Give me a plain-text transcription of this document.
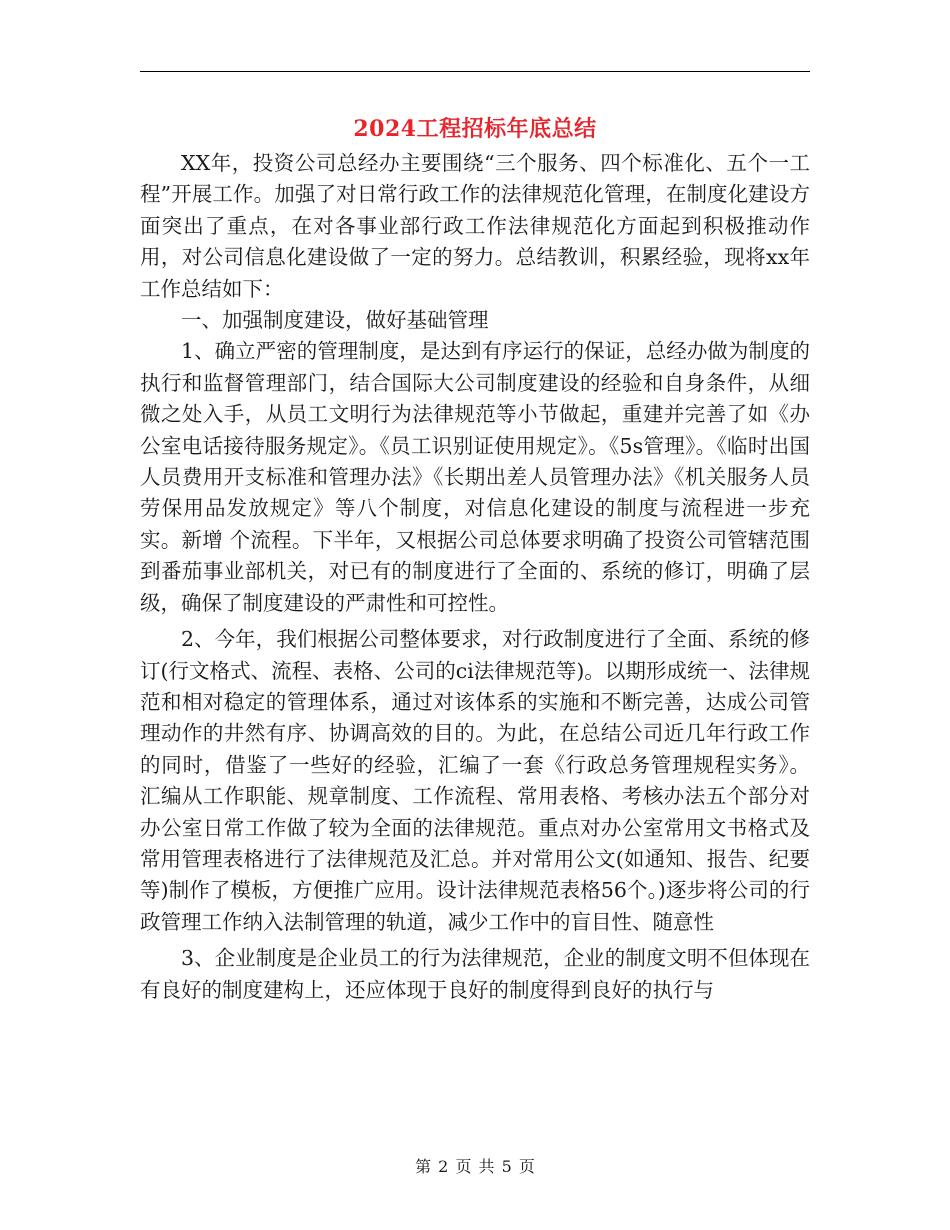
2024工程招标年底总结

XX年，投资公司总经办主要围绕“三个服务、四个标准化、五个一工程”开展工作。加强了对日常行政工作的法律规范化管理，在制度化建设方面突出了重点，在对各事业部行政工作法律规范化方面起到积极推动作用，对公司信息化建设做了一定的努力。总结教训，积累经验，现将xx年工作总结如下：

一、加强制度建设，做好基础管理

1、确立严密的管理制度，是达到有序运行的保证，总经办做为制度的执行和监督管理部门，结合国际大公司制度建设的经验和自身条件，从细微之处入手，从员工文明行为法律规范等小节做起，重建并完善了如《办公室电话接待服务规定》。《员工识别证使用规定》。《5s管理》。《临时出国人员费用开支标准和管理办法》《长期出差人员管理办法》《机关服务人员劳保用品发放规定》等八个制度，对信息化建设的制度与流程进一步充实。新增 个流程。下半年，又根据公司总体要求明确了投资公司管辖范围到番茄事业部机关，对已有的制度进行了全面的、系统的修订，明确了层级，确保了制度建设的严肃性和可控性。

2、今年，我们根据公司整体要求，对行政制度进行了全面、系统的修订(行文格式、流程、表格、公司的ci法律规范等)。以期形成统一、法律规范和相对稳定的管理体系，通过对该体系的实施和不断完善，达成公司管理动作的井然有序、协调高效的目的。为此，在总结公司近几年行政工作的同时，借鉴了一些好的经验，汇编了一套《行政总务管理规程实务》。 汇编从工作职能、规章制度、工作流程、常用表格、考核办法五个部分对办公室日常工作做了较为全面的法律规范。重点对办公室常用文书格式及常用管理表格进行了法律规范及汇总。并对常用公文(如通知、报告、纪要等)制作了模板，方便推广应用。设计法律规范表格56个。)逐步将公司的行政管理工作纳入法制管理的轨道，减少工作中的盲目性、随意性

3、企业制度是企业员工的行为法律规范，企业的制度文明不但体现在有良好的制度建构上，还应体现于良好的制度得到良好的执行与

第 2 页 共 5 页
